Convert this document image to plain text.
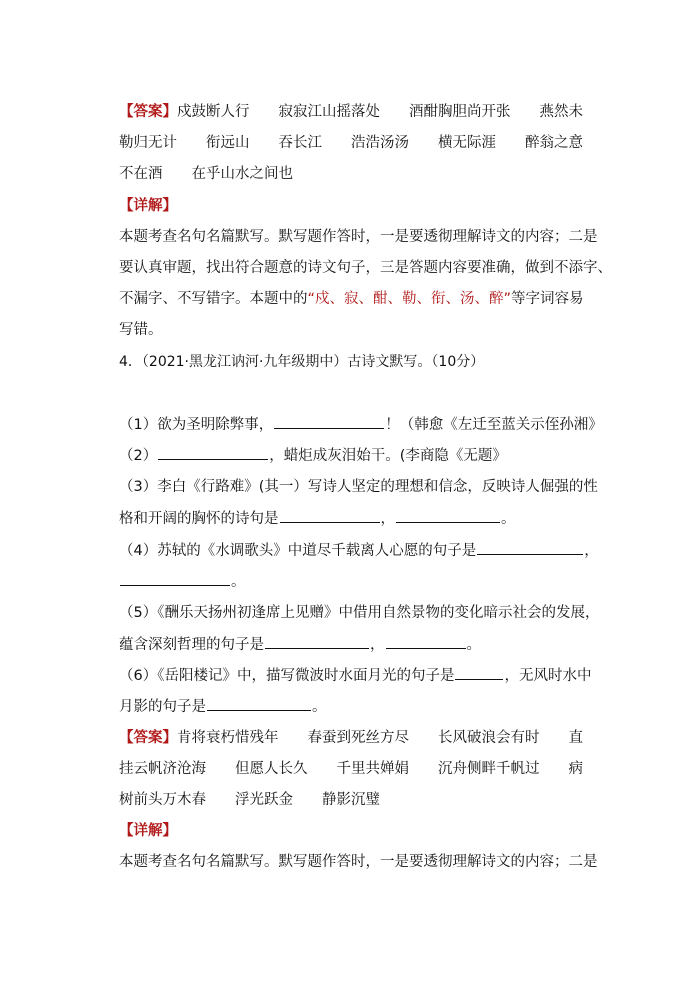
【答案】戍鼓断人行　　寂寂江山摇落处　　酒酣胸胆尚开张　　燕然未
勒归无计　　衔远山　　吞长江　　浩浩汤汤　　横无际涯　　醉翁之意
不在酒　　在乎山水之间也
【详解】
本题考查名句名篇默写。默写题作答时，一是要透彻理解诗文的内容；二是
要认真审题，找出符合题意的诗文句子，三是答题内容要准确，做到不添字、
不漏字、不写错字。本题中的“戍、寂、酣、勒、衔、汤、醉”等字词容易
写错。
4．（2021·黑龙江讷河·九年级期中）古诗文默写。（10分）
（1）欲为圣明除弊事，	！（韩愈《左迁至蓝关示侄孙湘》
（2）	，蜡炬成灰泪始干。(李商隐《无题》
（3）李白《行路难》(其一）写诗人坚定的理想和信念，反映诗人倔强的性
格和开阔的胸怀的诗句是	，	。
（4）苏轼的《水调歌头》中道尽千载离人心愿的句子是	，
。
（5）《酬乐天扬州初逢席上见赠》中借用自然景物的变化暗示社会的发展，
蕴含深刻哲理的句子是	，	。
（6）《岳阳楼记》中，描写微波时水面月光的句子是	，无风时水中
月影的句子是	。
【答案】肯将衰朽惜残年　　春蚕到死丝方尽　　长风破浪会有时　　直
挂云帆济沧海　　但愿人长久　　千里共婵娟　　沉舟侧畔千帆过　　病
树前头万木春　　浮光跃金　　静影沉璧
【详解】
本题考查名句名篇默写。默写题作答时，一是要透彻理解诗文的内容；二是
